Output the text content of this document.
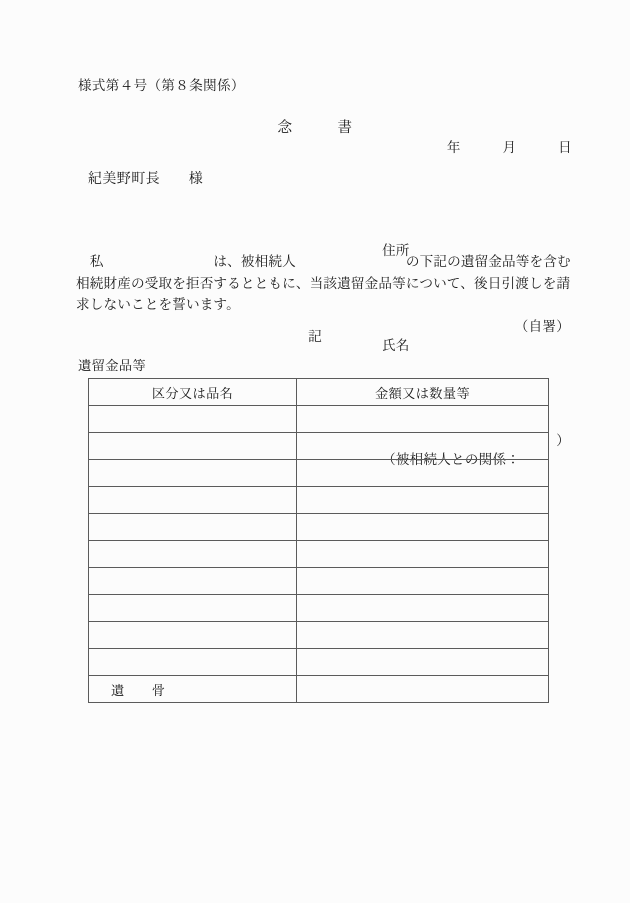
様式第４号（第８条関係）
念　　　書
年　　　月　　　日
紀美野町長　　様

住所

氏名

（自署）

（被相続人との関係：

）

　私　　　　　　　　は、被相続人　　　　　　　　の下記の遺留金品等を含む相続財産の受取を拒否するとともに、当該遺留金品等について、後日引渡しを請求しないことを誓います。
記
遺留金品等
区分又は品名	金額又は数量等

遺　　骨	
